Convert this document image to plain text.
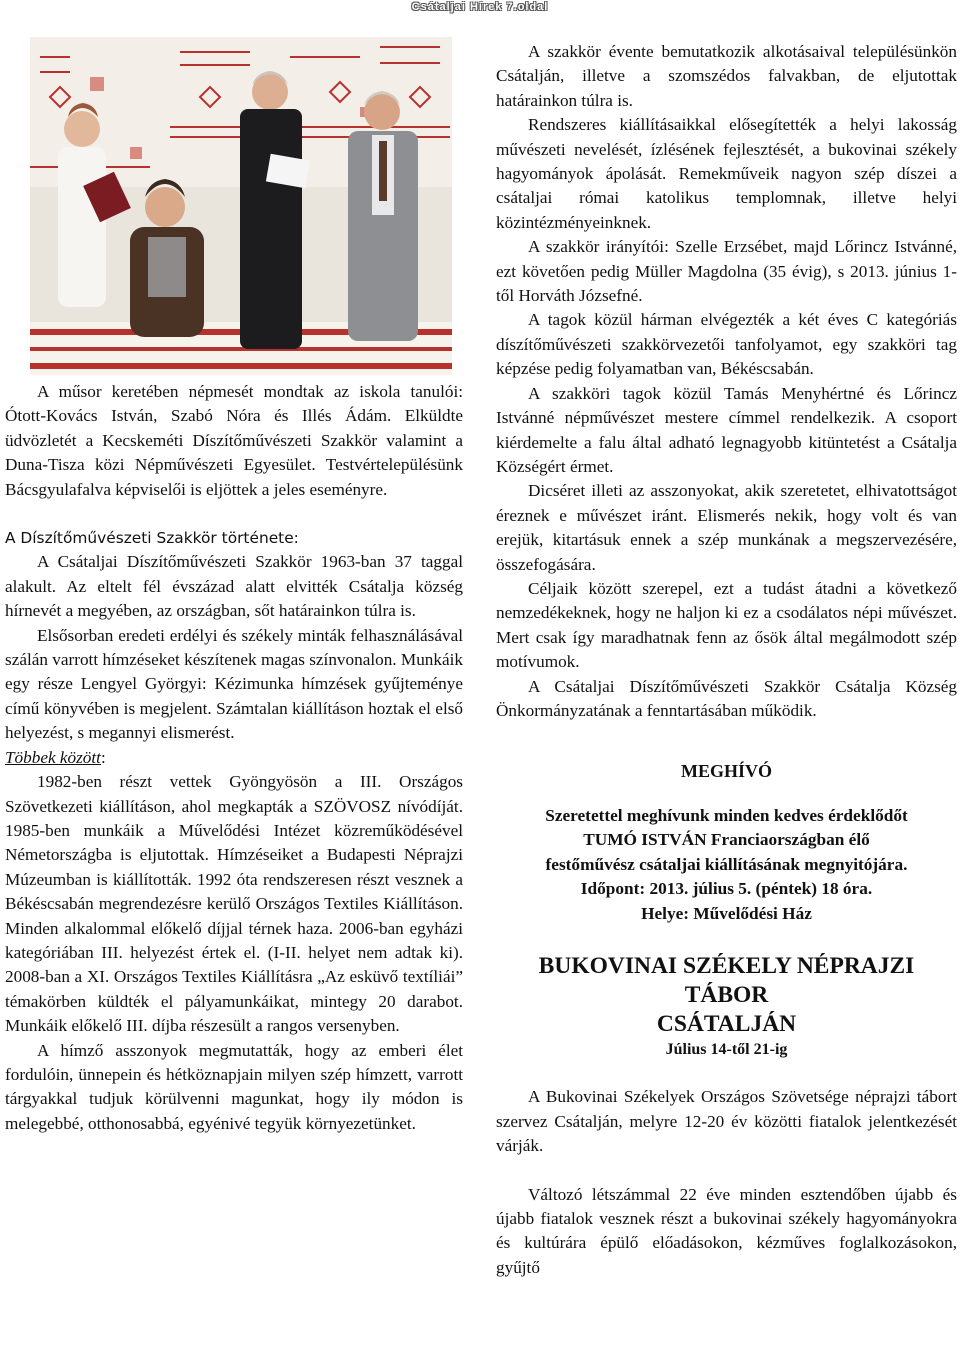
Csátaljai Hírek 7.oldal

A műsor keretében népmesét mondtak az iskola tanulói: Ótott-Kovács István, Szabó Nóra és Illés Ádám. Elküldte üdvözletét a Kecskeméti Díszítőművészeti Szakkör valamint a Duna-Tisza közi Népművészeti Egyesület. Testvértelepülésünk Bácsgyulafalva képviselői is eljöttek a jeles eseményre.

A Díszítőművészeti Szakkör története:

A Csátaljai Díszítőművészeti Szakkör 1963-ban 37 taggal alakult. Az eltelt fél évszázad alatt elvitték Csátalja község hírnevét a megyében, az országban, sőt határainkon túlra is.

Elsősorban eredeti erdélyi és székely minták felhasználásával szálán varrott hímzéseket készítenek magas színvonalon. Munkáik egy része Lengyel Györgyi: Kézimunka hímzések gyűjteménye című könyvében is megjelent. Számtalan kiállításon hoztak el első helyezést, s megannyi elismerést.

Többek között:

1982-ben részt vettek Gyöngyösön a III. Országos Szövetkezeti kiállításon, ahol megkapták a SZÖVOSZ nívódíját. 1985-ben munkáik a Művelődési Intézet közreműködésével Németországba is eljutottak. Hímzéseiket a Budapesti Néprajzi Múzeumban is kiállították. 1992 óta rendszeresen részt vesznek a Békéscsabán megrendezésre kerülő Országos Textiles Kiállításon. Minden alkalommal előkelő díjjal térnek haza. 2006-ban egyházi kategóriában III. helyezést értek el. (I-II. helyet nem adtak ki). 2008-ban a XI. Országos Textiles Kiállításra „Az esküvő textíliái” témakörben küldték el pályamunkáikat, mintegy 20 darabot. Munkáik előkelő III. díjba részesült a rangos versenyben.

A hímző asszonyok megmutatták, hogy az emberi élet fordulóin, ünnepein és hétköznapjain milyen szép hímzett, varrott tárgyakkal tudjuk körülvenni magunkat, hogy ily módon is melegebbé, otthonosabbá, egyénivé tegyük környezetünket.

A szakkör évente bemutatkozik alkotásaival településünkön Csátalján, illetve a szomszédos falvakban, de eljutottak határainkon túlra is.

Rendszeres kiállításaikkal elősegítették a helyi lakosság művészeti nevelését, ízlésének fejlesztését, a bukovinai székely hagyományok ápolását. Remekműveik nagyon szép díszei a csátaljai római katolikus templomnak, illetve helyi közintézményeinknek.

A szakkör irányítói: Szelle Erzsébet, majd Lőrincz Istvánné, ezt követően pedig Müller Magdolna (35 évig), s 2013. június 1-től Horváth Józsefné.

A tagok közül hárman elvégezték a két éves C kategóriás díszítőművészeti szakkörvezetői tanfolyamot, egy szakköri tag képzése pedig folyamatban van, Békéscsabán.

A szakköri tagok közül Tamás Menyhértné és Lőrincz Istvánné népművészet mestere címmel rendelkezik. A csoport kiérdemelte a falu által adható legnagyobb kitüntetést a Csátalja Községért érmet.

Dicséret illeti az asszonyokat, akik szeretetet, elhivatottságot éreznek e művészet iránt. Elismerés nekik, hogy volt és van erejük, kitartásuk ennek a szép munkának a megszervezésére, összefogására.

Céljaik között szerepel, ezt a tudást átadni a következő nemzedékeknek, hogy ne haljon ki ez a csodálatos népi művészet. Mert csak így maradhatnak fenn az ősök által megálmodott szép motívumok.

A Csátaljai Díszítőművészeti Szakkör Csátalja Község Önkormányzatának a fenntartásában működik.

MEGHÍVÓ

Szeretettel meghívunk minden kedves érdeklődőt

TUMÓ ISTVÁN Franciaországban élő

festőművész csátaljai kiállításának megnyitójára.

Időpont: 2013. július 5. (péntek) 18 óra.

Helye: Művelődési Ház

BUKOVINAI SZÉKELY NÉPRAJZI

TÁBOR

CSÁTALJÁN

Július 14-től 21-ig

A Bukovinai Székelyek Országos Szövetsége néprajzi tábort szervez Csátalján, melyre 12-20 év közötti fiatalok jelentkezését várják.

Változó létszámmal 22 éve minden esztendőben újabb és újabb fiatalok vesznek részt a bukovinai székely hagyományokra és kultúrára épülő előadásokon, kézműves foglalkozásokon, gyűjtő
